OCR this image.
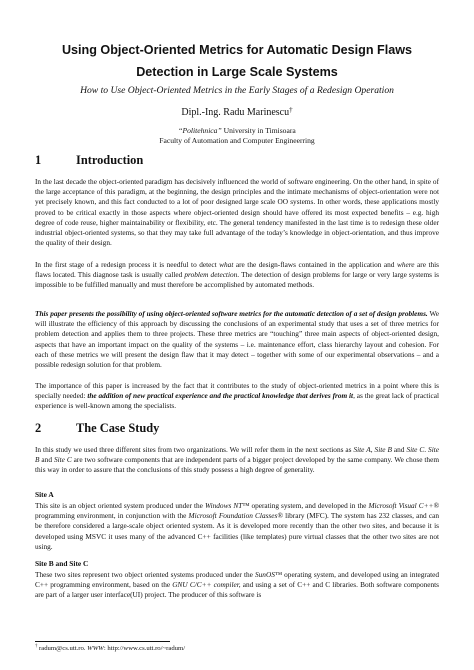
Using Object-Oriented Metrics for Automatic Design Flaws
Detection in Large Scale Systems
How to Use Object-Oriented Metrics in the Early Stages of a Redesign Operation
Dipl.-Ing. Radu Marinescu†
“Politehnica” University in Timisoara
Faculty of Automation and Computer Engineerring
1	Introduction

In the last decade the object-oriented paradigm has decisively influenced the world of software engineering. On the other hand, in spite of the large acceptance of this paradigm, at the beginning, the design principles and the intimate mechanisms of object-orientation were not yet precisely known, and this fact conducted to a lot of poor designed large scale OO systems. In other words, these applications mostly proved to be critical exactly in those aspects where object-oriented design should have offered its most expected benefits – e.g. high degree of code reuse, higher maintainability or flexibility, etc. The general tendency manifested in the last time is to redesign these older industrial object-oriented systems, so that they may take full advantage of the today’s knowledge in object-orientation, and thus improve the quality of their design.

In the first stage of a redesign process it is needful to detect what are the design-flaws contained in the application and where are this flaws located. This diagnose task is usually called problem detection. The detection of design problems for large or very large systems is impossible to be fulfilled manually and must therefore be accomplished by automated methods.

This paper presents the possibility of using object-oriented software metrics for the automatic detection of a set of design problems. We will illustrate the efficiency of this approach by discussing the conclusions of an experimental study that uses a set of three metrics for problem detection and applies them to three projects. These three metrics are “touching” three main aspects of object-oriented design, aspects that have an important impact on the quality of the systems – i.e. maintenance effort, class hierarchy layout and cohesion. For each of these metrics we will present the design flaw that it may detect – together with some of our experimental observations – and a possible redesign solution for that problem.

The importance of this paper is increased by the fact that it contributes to the study of object-oriented metrics in a point where this is specially needed: the addition of new practical experience and the practical knowledge that derives from it, as the great lack of practical experience is well-known among the specialists.

2	The Case Study

In this study we used three different sites from two organizations. We will refer them in the next sections as Site A, Site B and Site C. Site B and Site C are two software components that are independent parts of a bigger project developed by the same company. We chose them this way in order to assure that the conclusions of this study possess a high degree of generality.

Site A

This site is an object oriented system produced under the Windows NT™ operating system, and developed in the Microsoft Visual C++® programming environment, in conjunction with the Microsoft Foundation Classes® library (MFC). The system has 232 classes, and can be therefore considered a large-scale object oriented system. As it is developed more recently than the other two sites, and because it is developed using MSVC it uses many of the advanced C++ facilities (like templates) pure virtual classes that the other two sites are not using.

Site B and Site C

These two sites represent two object oriented systems produced under the SunOS™ operating system, and developed using an integrated C++ programming environment, based on the GNU C/C++ compiler, and using a set of C++ and C libraries. Both software components are part of a larger user interface(UI) project. The producer of this software is

† radum@cs.utt.ro. WWW: http://www.cs.utt.ro/~radum/
